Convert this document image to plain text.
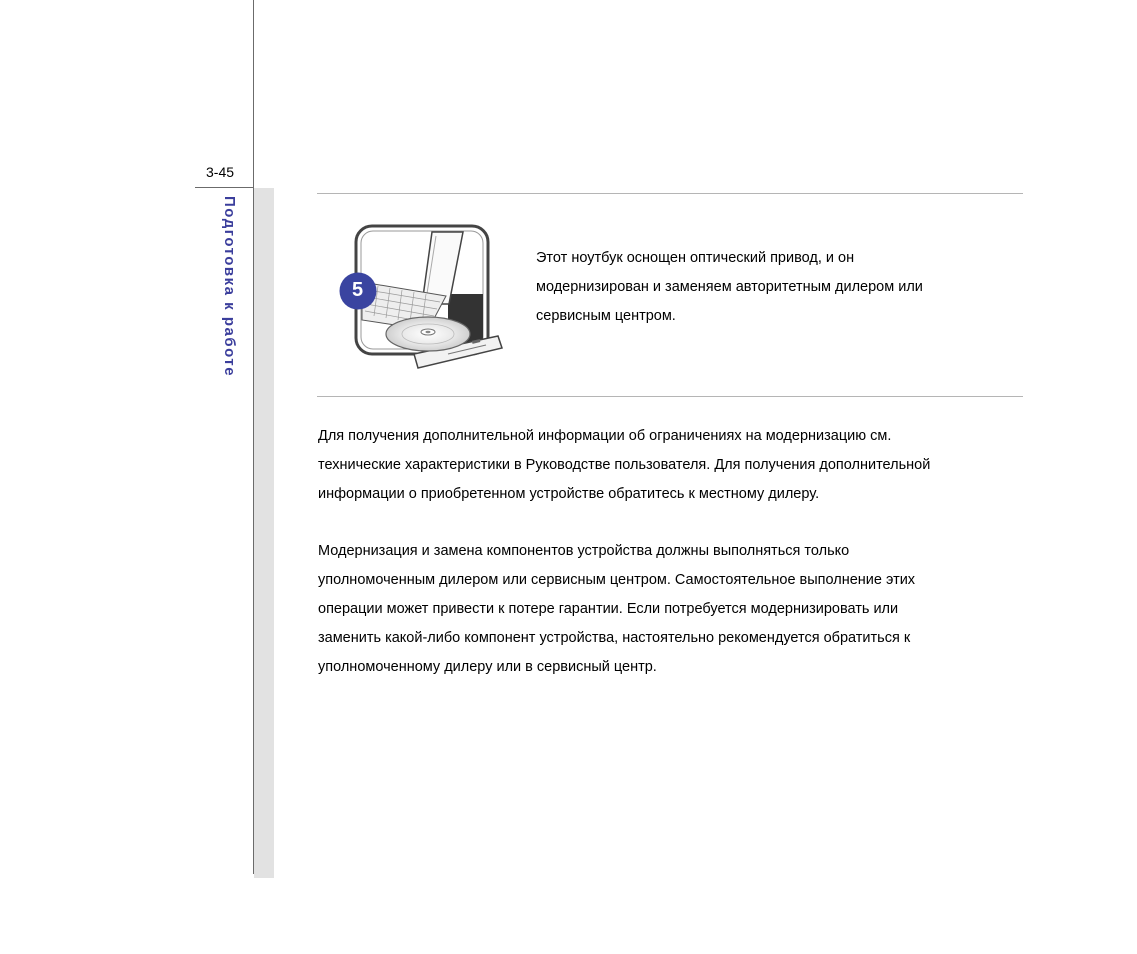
3-45
Подготовка к работе	5
Этот ноутбук оснощен оптический привод, и он
модернизирован и заменяем авторитетным дилером или
сервисным центром.

Для получения дополнительной информации об ограничениях на модернизацию см.

технические характеристики в Руководстве пользователя. Для получения дополнительной

информации о приобретенном устройстве обратитесь к местному дилеру.

Модернизация и замена компонентов устройства должны выполняться только

уполномоченным дилером или сервисным центром. Самостоятельное выполнение этих

операции может привести к потере гарантии. Если потребуется модернизировать или

заменить какой-либо компонент устройства, настоятельно рекомендуется обратиться к

уполномоченному дилеру или в сервисный центр.
